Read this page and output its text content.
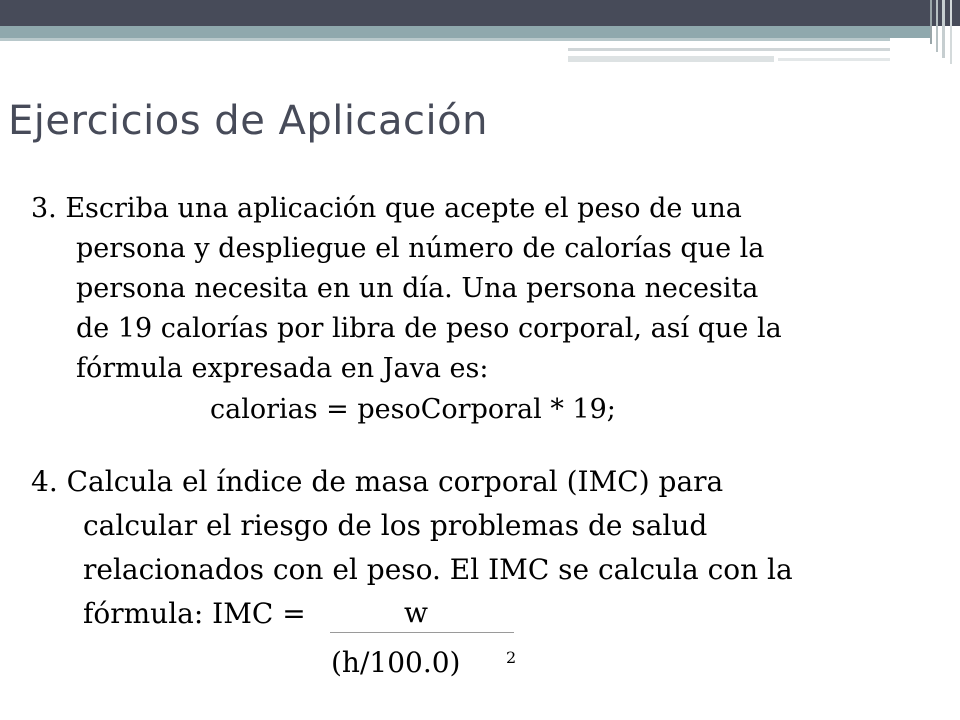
Ejercicios de Aplicación

3. Escriba una aplicación que acepte el peso de una
persona y despliegue el número de calorías que la
persona necesita en un día. Una persona necesita
de 19 calorías por libra de peso corporal, así que la
fórmula expresada en Java es:

calorias = pesoCorporal * 19;

4. Calcula el índice de masa corporal (IMC) para
calcular el riesgo de los problemas de salud
relacionados con el peso. El IMC se calcula con la
fórmula: IMC =	w
(h/100.0)	2
